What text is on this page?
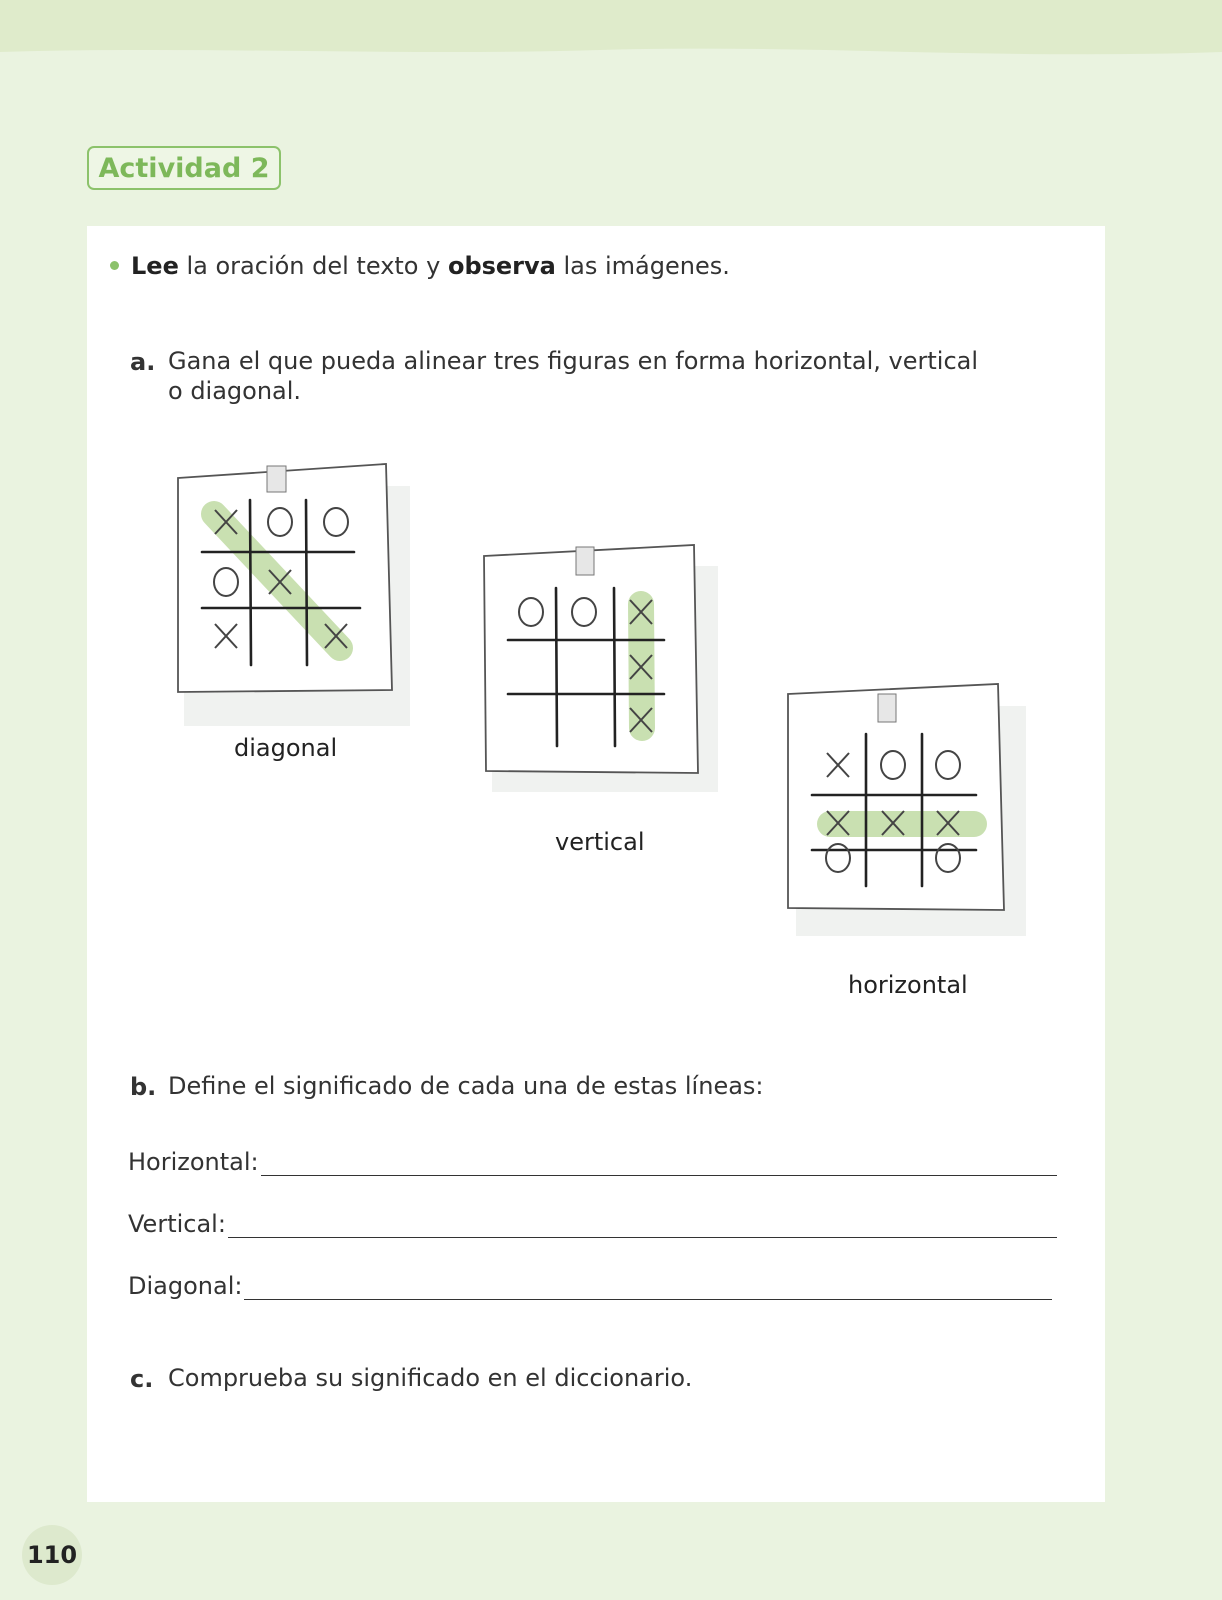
Actividad 2
Lee la oración del texto y observa las imágenes.
a. Gana el que pueda alinear tres figuras en forma horizontal, vertical
o diagonal.
diagonal
vertical
horizontal
b. Define el significado de cada una de estas líneas:
Horizontal:
Vertical:
Diagonal:
c. Comprueba su significado en el diccionario.
110
